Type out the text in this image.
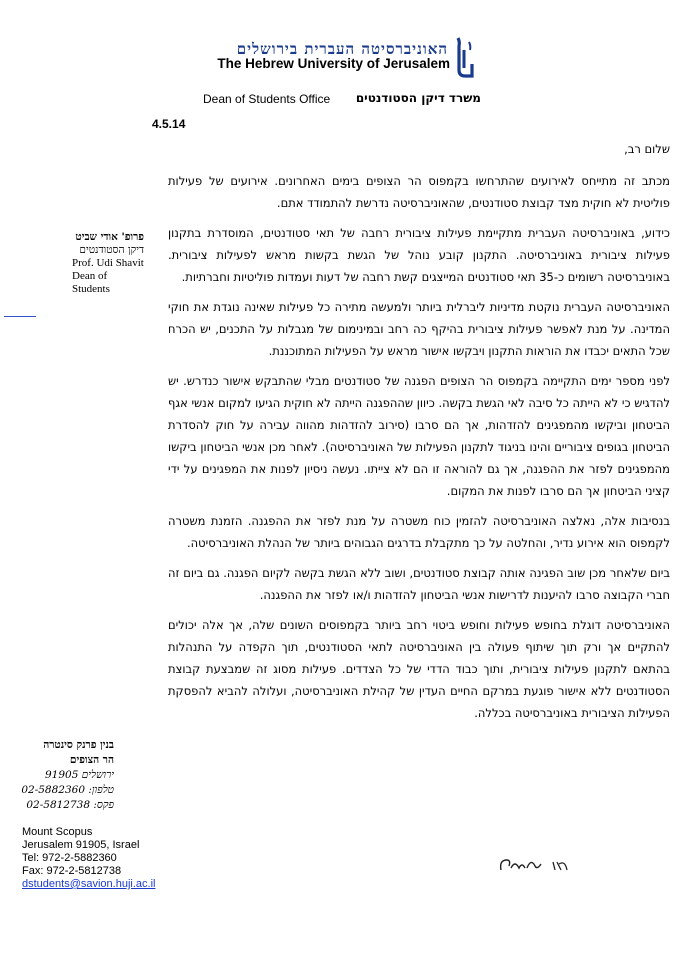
האוניברסיטה העברית בירושלים
The Hebrew University of Jerusalem
Dean of Students Office	משרד דיקן הסטודנטים
4.5.14
פרופ' אודי שביט
דיקן הסטודנטים
Prof. Udi Shavit
Dean of Students
בנין פרנק סינטרה
הר הצופים
ירושלים 91905
טלפון: 02-5882360
פקס: 02-5812738
Mount Scopus
Jerusalem 91905, Israel
Tel: 972-2-5882360
Fax: 972-2-5812738
dstudents@savion.huji.ac.il

שלום רב,

מכתב זה מתייחס לאירועים שהתרחשו בקמפוס הר הצופים בימים האחרונים. אירועים של פעילות פוליטית לא חוקית מצד קבוצת סטודנטים, שהאוניברסיטה נדרשת להתמודד אתם.

כידוע, באוניברסיטה העברית מתקיימת פעילות ציבורית רחבה של תאי סטודנטים, המוסדרת בתקנון פעילות ציבורית באוניברסיטה. התקנון קובע נוהל של הגשת בקשות מראש לפעילות ציבורית. באוניברסיטה רשומים כ-35 תאי סטודנטים המייצגים קשת רחבה של דעות ועמדות פוליטיות וחברתיות.

האוניברסיטה העברית נוקטת מדיניות ליברלית ביותר ולמעשה מתירה כל פעילות שאינה נוגדת את חוקי המדינה. על מנת לאפשר פעילות ציבורית בהיקף כה רחב ובמינימום של מגבלות על התכנים, יש הכרח שכל התאים יכבדו את הוראות התקנון ויבקשו אישור מראש על הפעילות המתוכננת.

לפני מספר ימים התקיימה בקמפוס הר הצופים הפגנה של סטודנטים מבלי שהתבקש אישור כנדרש. יש להדגיש כי לא הייתה כל סיבה לאי הגשת בקשה. כיוון שההפגנה הייתה לא חוקית הגיעו למקום אנשי אגף הביטחון וביקשו מהמפגינים להזדהות, אך הם סרבו (סירוב להזדהות מהווה עבירה על חוק להסדרת הביטחון בגופים ציבוריים והינו בניגוד לתקנון הפעילות של האוניברסיטה). לאחר מכן אנשי הביטחון ביקשו מהמפגינים לפזר את ההפגנה, אך גם להוראה זו הם לא צייתו. נעשה ניסיון לפנות את המפגינים על ידי קציני הביטחון אך הם סרבו לפנות את המקום.

בנסיבות אלה, נאלצה האוניברסיטה להזמין כוח משטרה על מנת לפזר את ההפגנה. הזמנת משטרה לקמפוס הוא אירוע נדיר, והחלטה על כך מתקבלת בדרגים הגבוהים ביותר של הנהלת האוניברסיטה.

ביום שלאחר מכן שוב הפגינה אותה קבוצת סטודנטים, ושוב ללא הגשת בקשה לקיום הפגנה. גם ביום זה חברי הקבוצה סרבו להיענות לדרישות אנשי הביטחון להזדהות ו/או לפזר את ההפגנה.

האוניברסיטה דוגלת בחופש פעילות וחופש ביטוי רחב ביותר בקמפוסים השונים שלה, אך אלה יכולים להתקיים אך ורק תוך שיתוף פעולה בין האוניברסיטה לתאי הסטודנטים, תוך הקפדה על התנהלות בהתאם לתקנון פעילות ציבורית, ותוך כבוד הדדי של כל הצדדים. פעילות מסוג זה שמבצעת קבוצת הסטודנטים ללא אישור פוגעת במרקם החיים העדין של קהילת האוניברסיטה, ועלולה להביא להפסקת הפעילות הציבורית באוניברסיטה בכללה.
